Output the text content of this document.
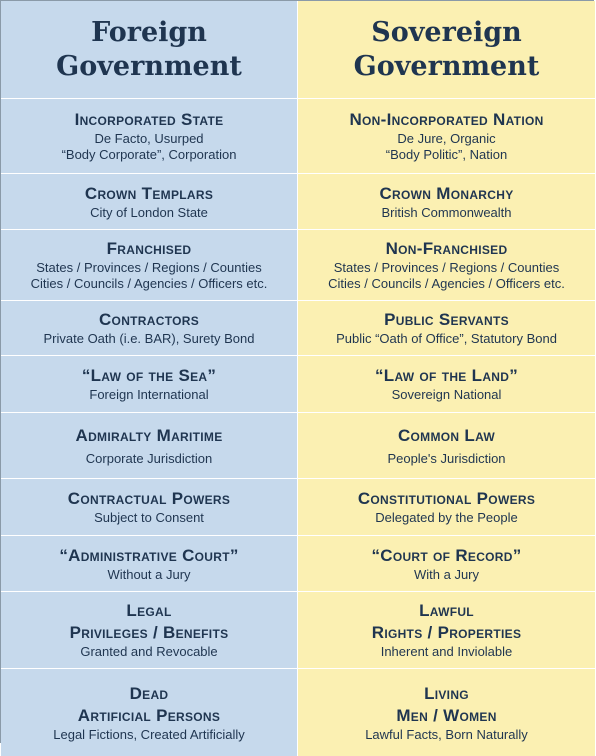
Foreign
Government
Sovereign
Government
Incorporated State
De Facto, Usurped
“Body Corporate”, Corporation
Non-Incorporated Nation
De Jure, Organic
“Body Politic”, Nation
Crown Templars
City of London State
Crown Monarchy
British Commonwealth
Franchised
States / Provinces / Regions / Counties
Cities / Councils / Agencies / Officers etc.
Non-Franchised
States / Provinces / Regions / Counties
Cities / Councils / Agencies / Officers etc.
Contractors
Private Oath (i.e. BAR), Surety Bond
Public Servants
Public “Oath of Office”, Statutory Bond
“Law of the Sea”
Foreign International
“Law of the Land”
Sovereign National
Admiralty Maritime
Corporate Jurisdiction
Common Law
People's Jurisdiction
Contractual Powers
Subject to Consent
Constitutional Powers
Delegated by the People
“Administrative Court”
Without a Jury
“Court of Record”
With a Jury
Legal
Privileges / Benefits
Granted and Revocable
Lawful
Rights / Properties
Inherent and Inviolable
Dead
Artificial Persons
Legal Fictions, Created Artificially
Living
Men / Women
Lawful Facts, Born Naturally
